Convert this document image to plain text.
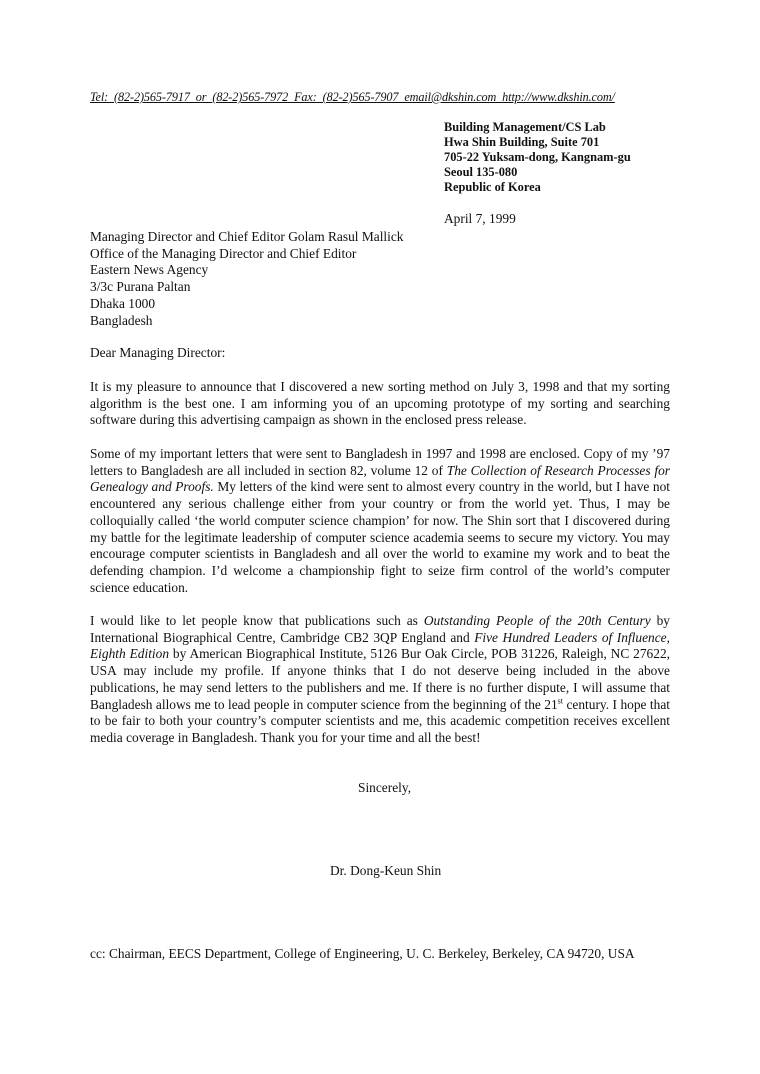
Tel: (82-2)565-7917 or (82-2)565-7972 Fax: (82-2)565-7907 email@dkshin.com http://www.dkshin.com/
Building Management/CS Lab
Hwa Shin Building, Suite 701
705-22 Yuksam-dong, Kangnam-gu
Seoul 135-080
Republic of Korea
April 7, 1999
Managing Director and Chief Editor Golam Rasul Mallick
Office of the Managing Director and Chief Editor
Eastern News Agency
3/3c Purana Paltan
Dhaka 1000
Bangladesh
Dear Managing Director:

It is my pleasure to announce that I discovered a new sorting method on July 3, 1998 and that my sorting algorithm is the best one. I am informing you of an upcoming prototype of my sorting and searching software during this advertising campaign as shown in the enclosed press release.

Some of my important letters that were sent to Bangladesh in 1997 and 1998 are enclosed. Copy of my ’97 letters to Bangladesh are all included in section 82, volume 12 of The Collection of Research Processes for Genealogy and Proofs. My letters of the kind were sent to almost every country in the world, but I have not encountered any serious challenge either from your country or from the world yet. Thus, I may be colloquially called ‘the world computer science champion’ for now. The Shin sort that I discovered during my battle for the legitimate leadership of computer science academia seems to secure my victory. You may encourage computer scientists in Bangladesh and all over the world to examine my work and to beat the defending champion. I’d welcome a championship fight to seize firm control of the world’s computer science education.

I would like to let people know that publications such as Outstanding People of the 20th Century by International Biographical Centre, Cambridge CB2 3QP England and Five Hundred Leaders of Influence, Eighth Edition by American Biographical Institute, 5126 Bur Oak Circle, POB 31226, Raleigh, NC 27622, USA may include my profile. If anyone thinks that I do not deserve being included in the above publications, he may send letters to the publishers and me. If there is no further dispute, I will assume that Bangladesh allows me to lead people in computer science from the beginning of the 21st century. I hope that to be fair to both your country’s computer scientists and me, this academic competition receives excellent media coverage in Bangladesh. Thank you for your time and all the best!

Sincerely,
Dr. Dong-Keun Shin
cc: Chairman, EECS Department, College of Engineering, U. C. Berkeley, Berkeley, CA 94720, USA
